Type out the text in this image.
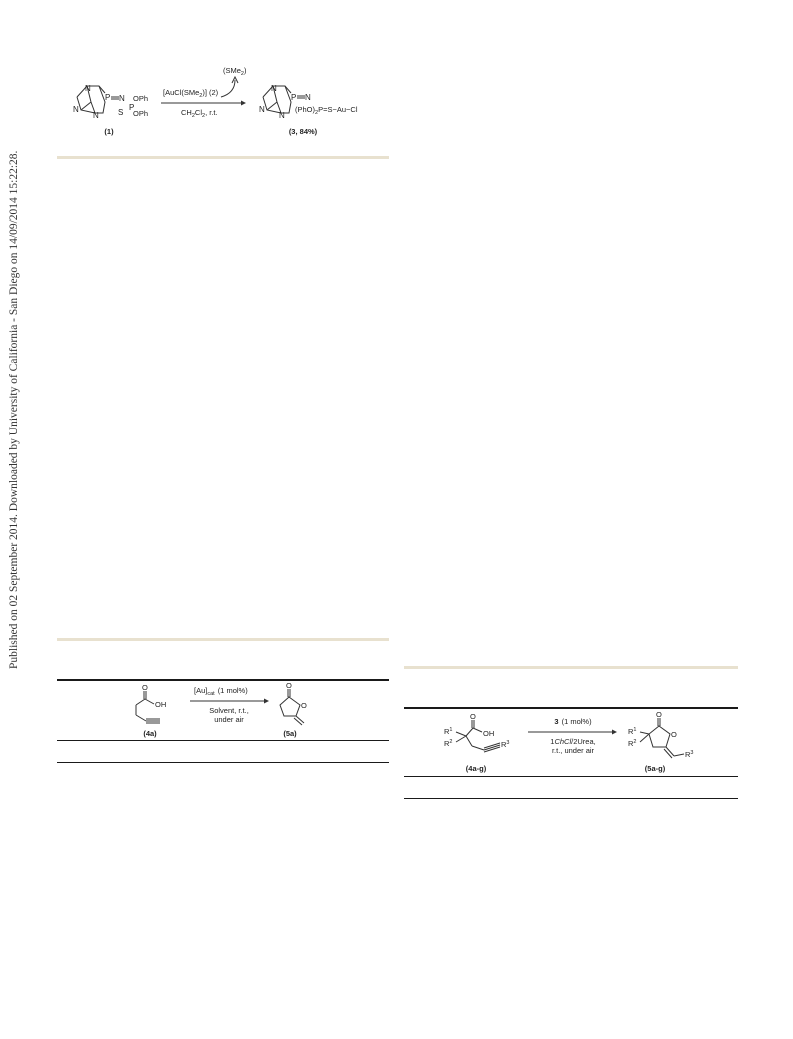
Published on 02 September 2014. Downloaded by University of California - San Diego on 14/09/2014 15:22:28.
N
N
N
P N
P
S
OPh
OPh
(1)
(SMe$_2$)
[AuCl(SMe$_2$)] (2)
$CH_2Cl_2$, r.t.
N
N
N
P N
$(PhO)_2P=S-Au-Cl$
(3, 84%)
O
OH
(4a)
$[Au]_{cat}$ (1 mol%)
Solvent, r.t.,
under air
O
O
(5a)
O
OH
$R^1$
$R^2$	$R^3$
(4a-g)
3 (1 mol%)
1ChCl/2Urea,
r.t., under air
O
O
$R^1$
$R^2$
$R^3$
(5a-g)
